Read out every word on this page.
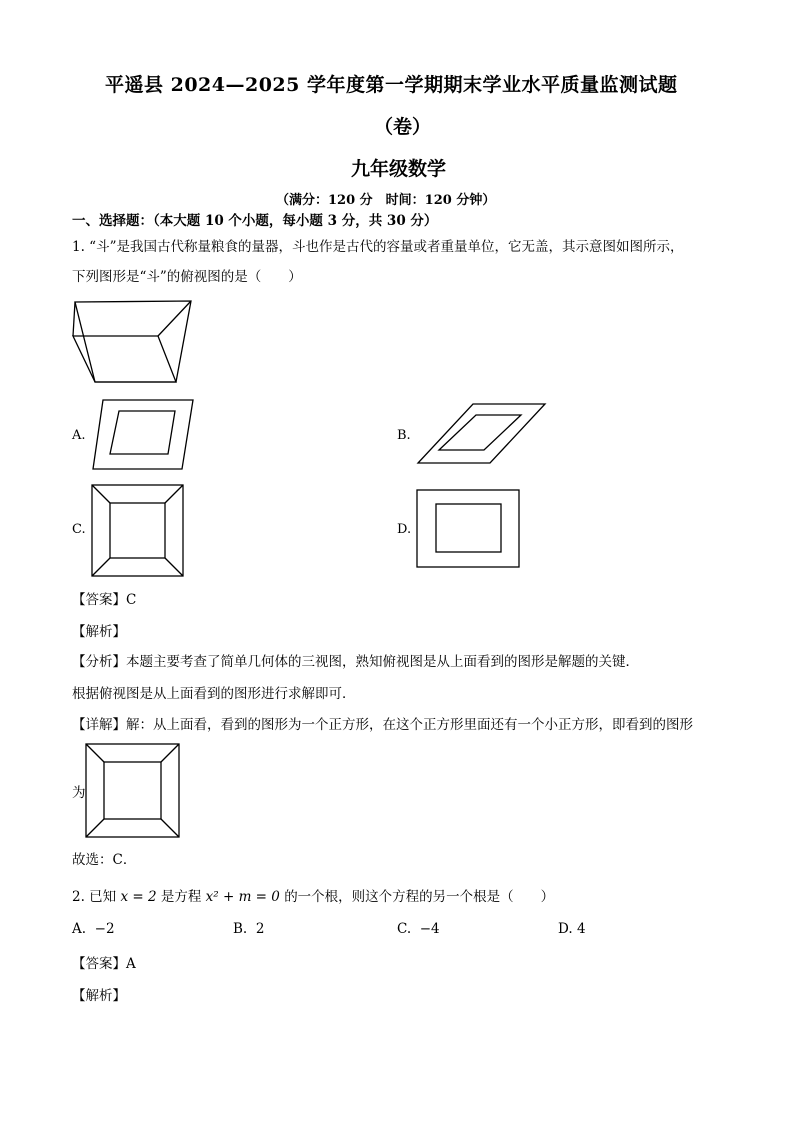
平遥县 2024—2025 学年度第一学期期末学业水平质量监测试题
（卷）
九年级数学
（满分：120 分　时间：120 分钟）
一、选择题：（本大题 10 个小题，每小题 3 分，共 30 分）
1. “斗”是我国古代称量粮食的量器，斗也作是古代的容量或者重量单位，它无盖，其示意图如图所示，
下列图形是“斗”的俯视图的是（　　）
A.	B.
C.	D.
【答案】C
【解析】
【分析】本题主要考查了简单几何体的三视图，熟知俯视图是从上面看到的图形是解题的关键．
根据俯视图是从上面看到的图形进行求解即可．
【详解】解：从上面看，看到的图形为一个正方形，在这个正方形里面还有一个小正方形，即看到的图形
为
故选：C．
2. 已知 x = 2 是方程 x² + m = 0 的一个根，则这个方程的另一个根是（　　）
A. −2	B. 2	C. −4	D. 4
【答案】A
【解析】
